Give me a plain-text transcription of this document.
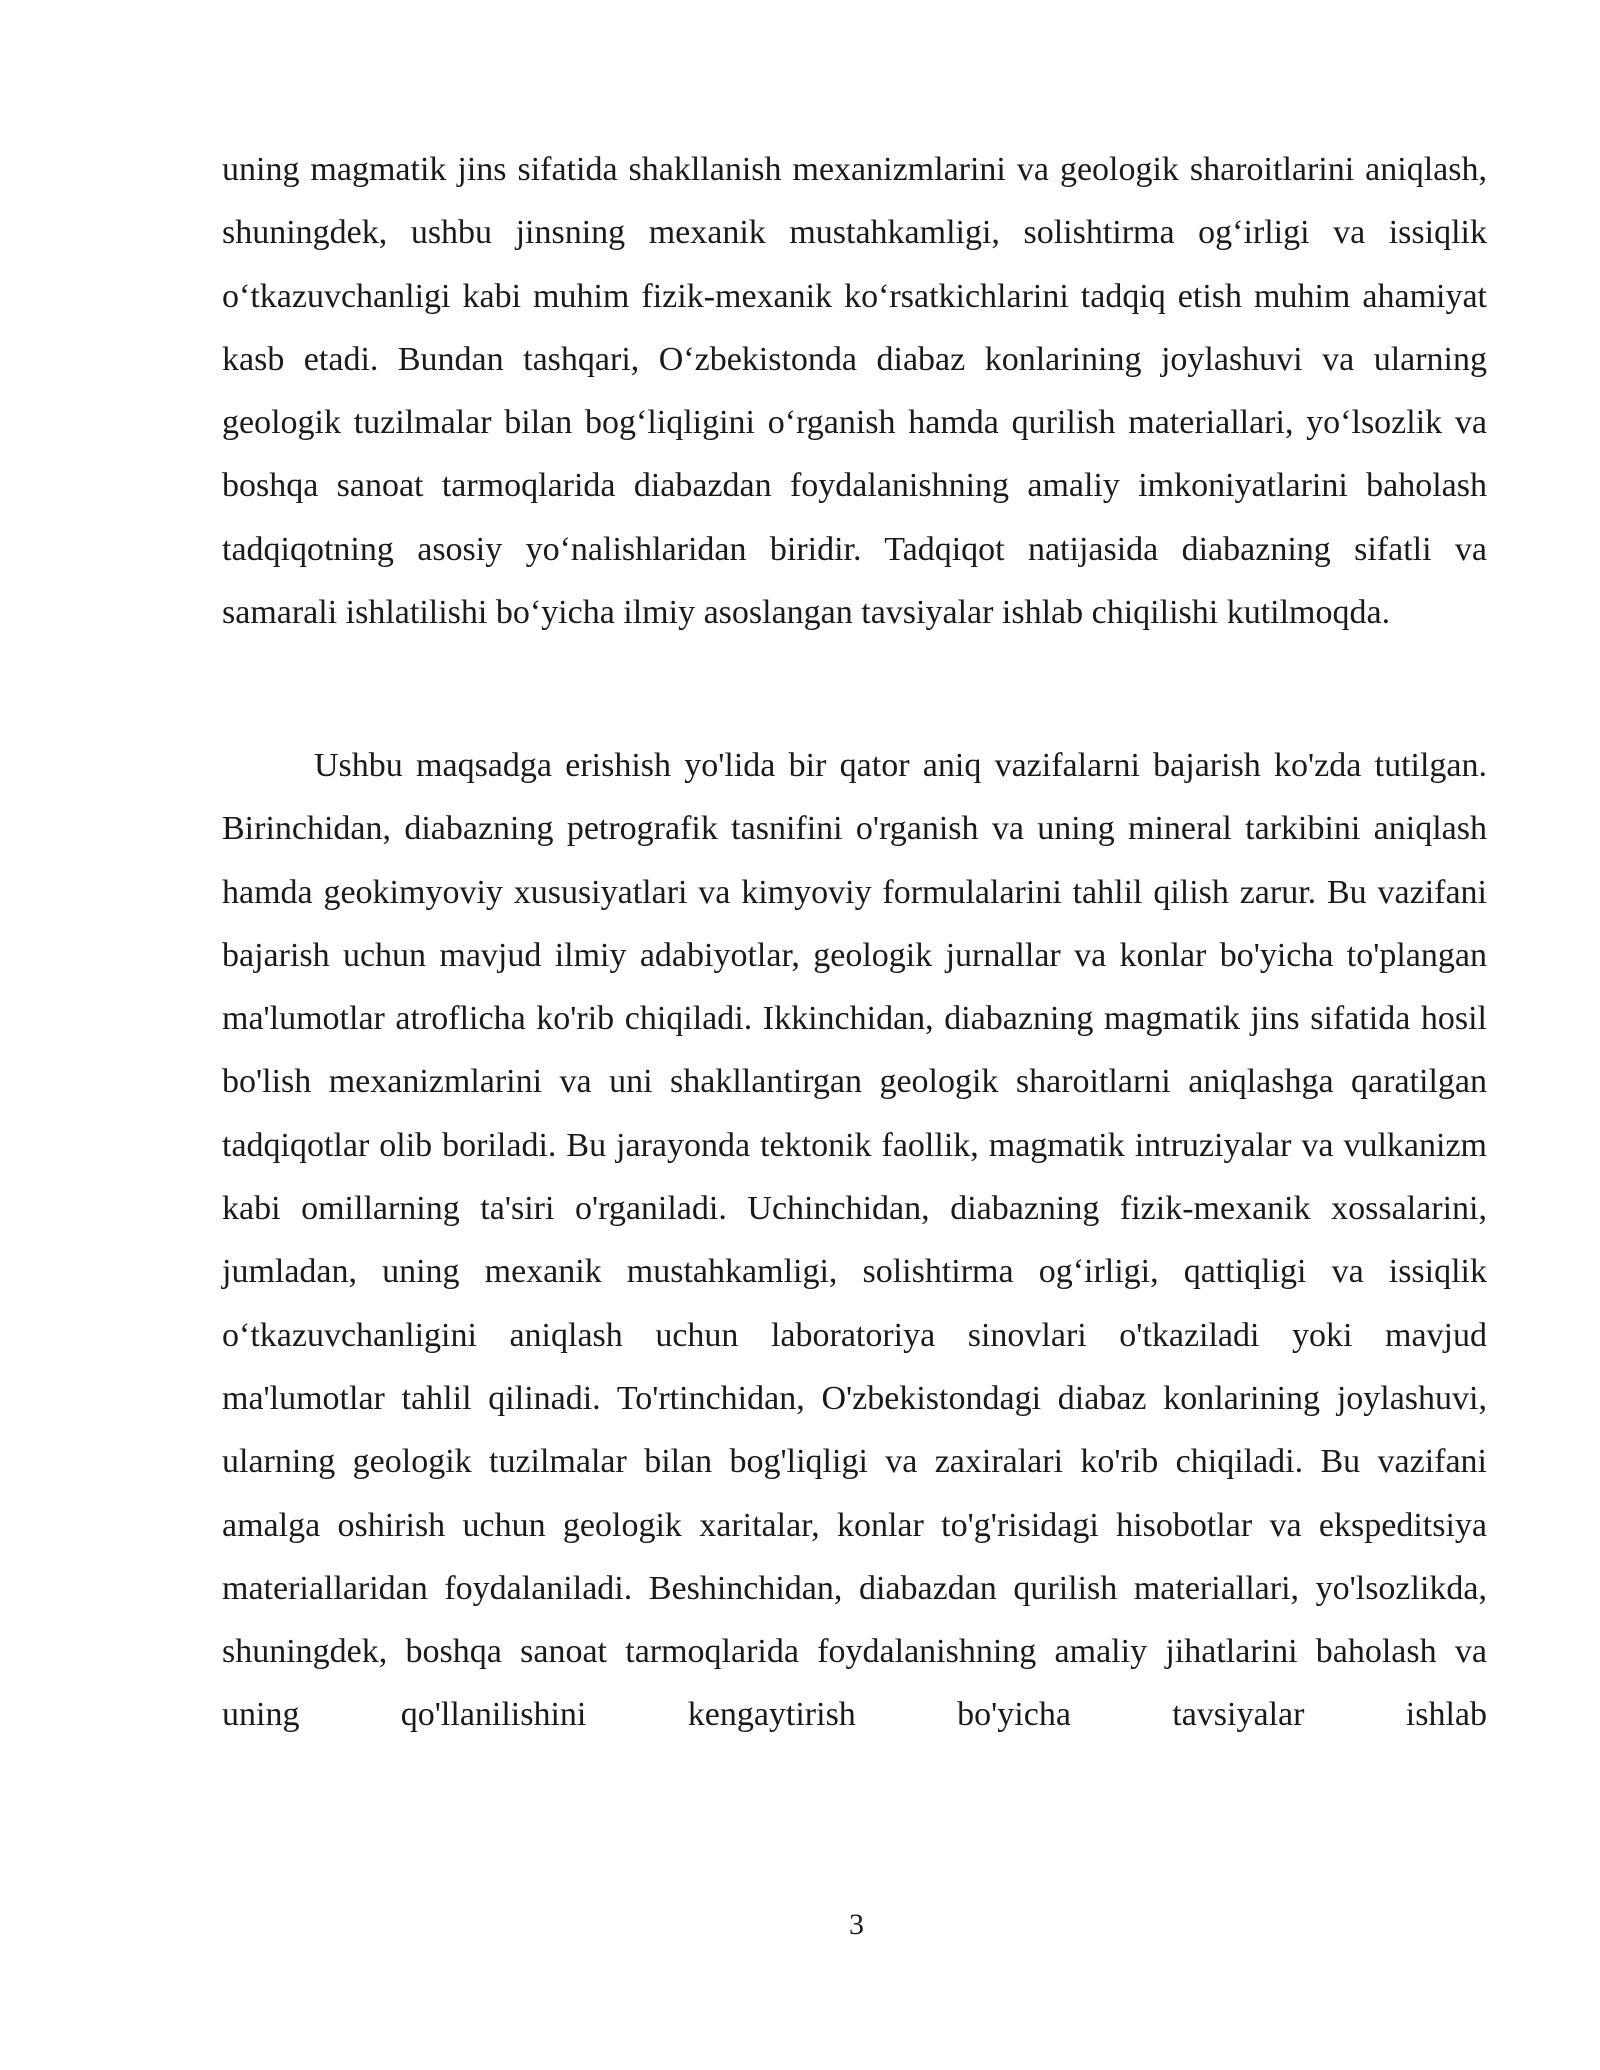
uning magmatik jins sifatida shakllanish mexanizmlarini va geologik sharoitlarini aniqlash, shuningdek, ushbu jinsning mexanik mustahkamligi, solishtirma og‘irligi va issiqlik o‘tkazuvchanligi kabi muhim fizik-mexanik ko‘rsatkichlarini tadqiq etish muhim ahamiyat kasb etadi. Bundan tashqari, O‘zbekistonda diabaz konlarining joylashuvi va ularning geologik tuzilmalar bilan bog‘liqligini o‘rganish hamda qurilish materiallari, yo‘lsozlik va boshqa sanoat tarmoqlarida diabazdan foydalanishning amaliy imkoniyatlarini baholash tadqiqotning asosiy yo‘nalishlaridan biridir. Tadqiqot natijasida diabazning sifatli va samarali ishlatilishi bo‘yicha ilmiy asoslangan tavsiyalar ishlab chiqilishi kutilmoqda.

Ushbu maqsadga erishish yo'lida bir qator aniq vazifalarni bajarish ko'zda tutilgan. Birinchidan, diabazning petrografik tasnifini o'rganish va uning mineral tarkibini aniqlash hamda geokimyoviy xususiyatlari va kimyoviy formulalarini tahlil qilish zarur. Bu vazifani bajarish uchun mavjud ilmiy adabiyotlar, geologik jurnallar va konlar bo'yicha to'plangan ma'lumotlar atroflicha ko'rib chiqiladi. Ikkinchidan, diabazning magmatik jins sifatida hosil bo'lish mexanizmlarini va uni shakllantirgan geologik sharoitlarni aniqlashga qaratilgan tadqiqotlar olib boriladi. Bu jarayonda tektonik faollik, magmatik intruziyalar va vulkanizm kabi omillarning ta'siri o'rganiladi. Uchinchidan, diabazning fizik-mexanik xossalarini, jumladan, uning mexanik mustahkamligi, solishtirma og‘irligi, qattiqligi va issiqlik o‘tkazuvchanligini aniqlash uchun laboratoriya sinovlari o'tkaziladi yoki mavjud ma'lumotlar tahlil qilinadi. To'rtinchidan, O'zbekistondagi diabaz konlarining joylashuvi, ularning geologik tuzilmalar bilan bog'liqligi va zaxiralari ko'rib chiqiladi. Bu vazifani amalga oshirish uchun geologik xaritalar, konlar to'g'risidagi hisobotlar va ekspeditsiya materiallaridan foydalaniladi. Beshinchidan, diabazdan qurilish materiallari, yo'lsozlikda, shuningdek, boshqa sanoat tarmoqlarida foydalanishning amaliy jihatlarini baholash va uning qo'llanilishini kengaytirish bo'yicha tavsiyalar ishlab

3
